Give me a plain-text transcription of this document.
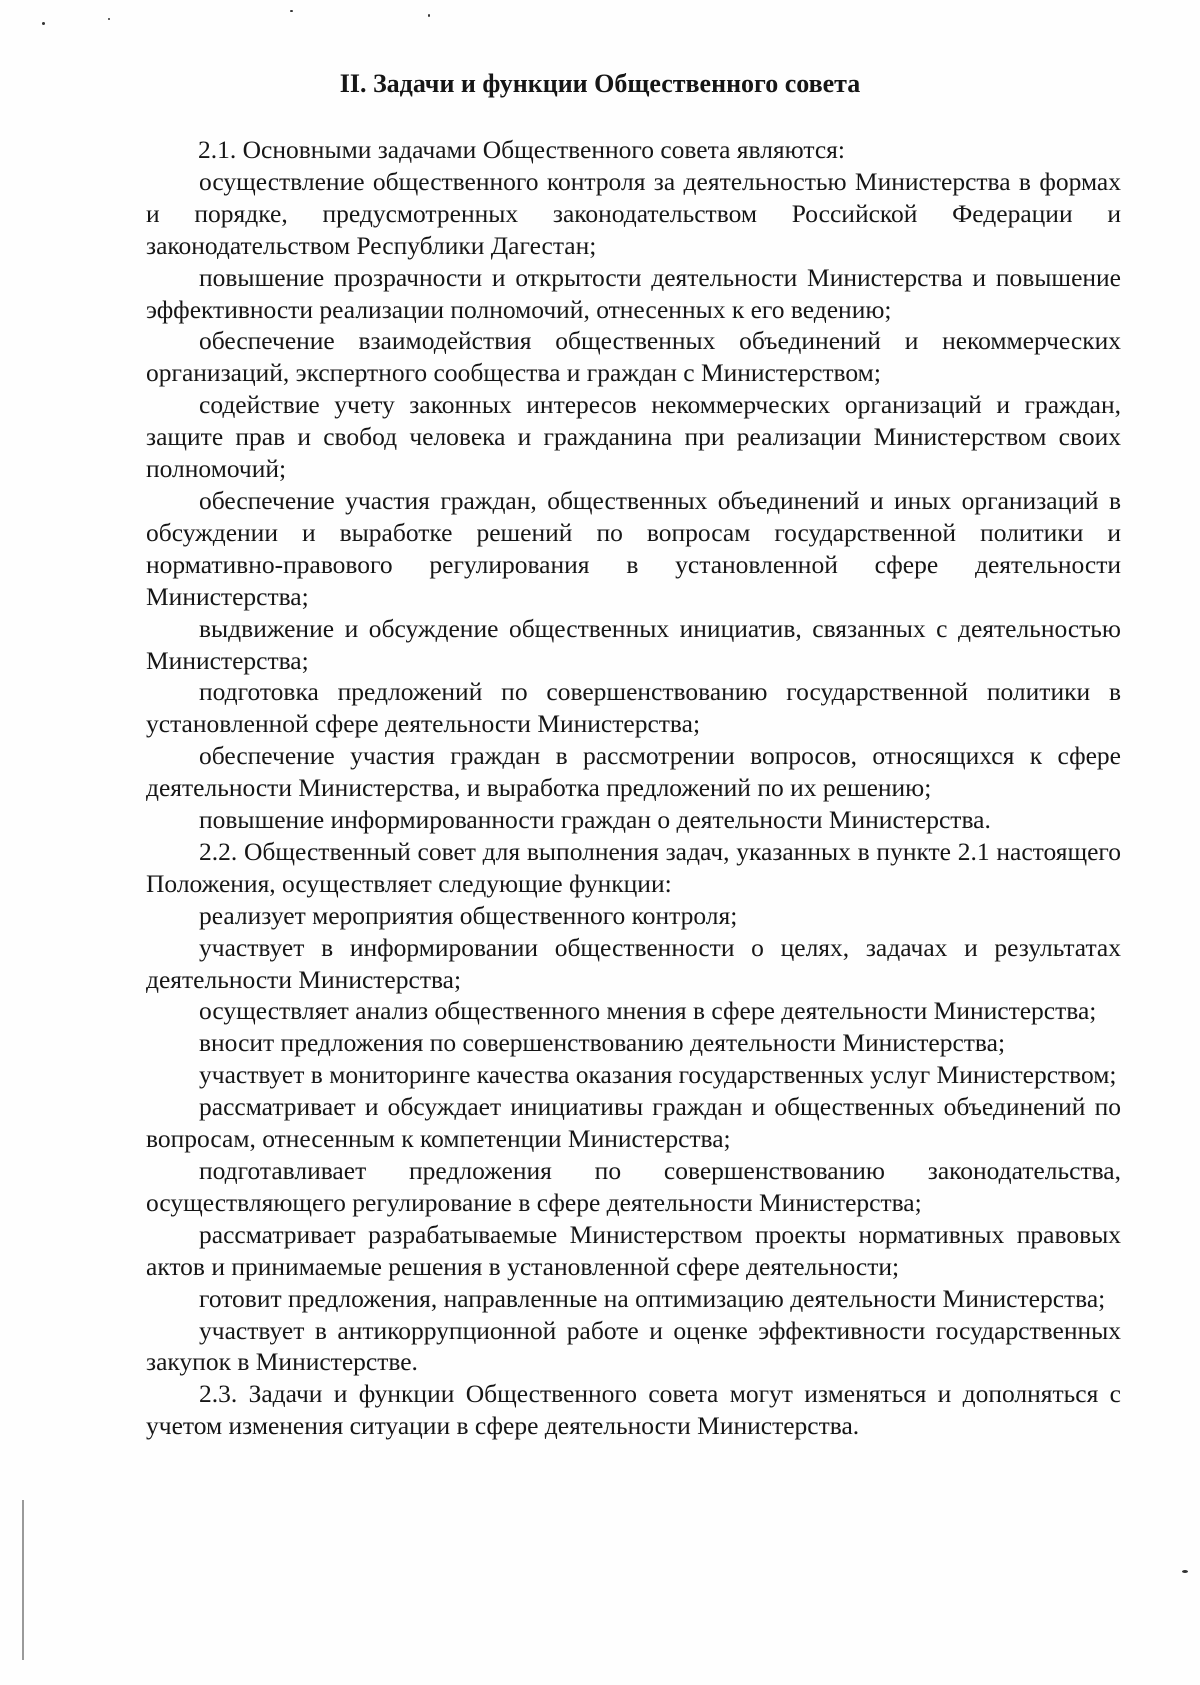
II. Задачи и функции Общественного совета

2.1. Основными задачами Общественного совета являются:

осуществление общественного контроля за деятельностью Министерства в формах и порядке, предусмотренных законодательством Российской Федерации и законодательством Республики Дагестан;

повышение прозрачности и открытости деятельности Министерства и повышение эффективности реализации полномочий, отнесенных к его ведению;

обеспечение взаимодействия общественных объединений и некоммерческих организаций, экспертного сообщества и граждан с Министерством;

содействие учету законных интересов некоммерческих организаций и граждан, защите прав и свобод человека и гражданина при реализации Министерством своих полномочий;

обеспечение участия граждан, общественных объединений и иных организаций в обсуждении и выработке решений по вопросам государственной политики и нормативно-правового регулирования в установленной сфере деятельности Министерства;

выдвижение и обсуждение общественных инициатив, связанных с деятельностью Министерства;

подготовка предложений по совершенствованию государственной политики в установленной сфере деятельности Министерства;

обеспечение участия граждан в рассмотрении вопросов, относящихся к сфере деятельности Министерства, и выработка предложений по их решению;

повышение информированности граждан о деятельности Министерства.

2.2. Общественный совет для выполнения задач, указанных в пункте 2.1 настоящего Положения, осуществляет следующие функции:

реализует мероприятия общественного контроля;

участвует в информировании общественности о целях, задачах и результатах деятельности Министерства;

осуществляет анализ общественного мнения в сфере деятельности Министерства;

вносит предложения по совершенствованию деятельности Министерства;

участвует в мониторинге качества оказания государственных услуг Министерством;

рассматривает и обсуждает инициативы граждан и общественных объединений по вопросам, отнесенным к компетенции Министерства;

подготавливает предложения по совершенствованию законодательства, осуществляющего регулирование в сфере деятельности Министерства;

рассматривает разрабатываемые Министерством проекты нормативных правовых актов и принимаемые решения в установленной сфере деятельности;

готовит предложения, направленные на оптимизацию деятельности Министерства;

участвует в антикоррупционной работе и оценке эффективности государственных закупок в Министерстве.

2.3. Задачи и функции Общественного совета могут изменяться и дополняться с учетом изменения ситуации в сфере деятельности Министерства.
